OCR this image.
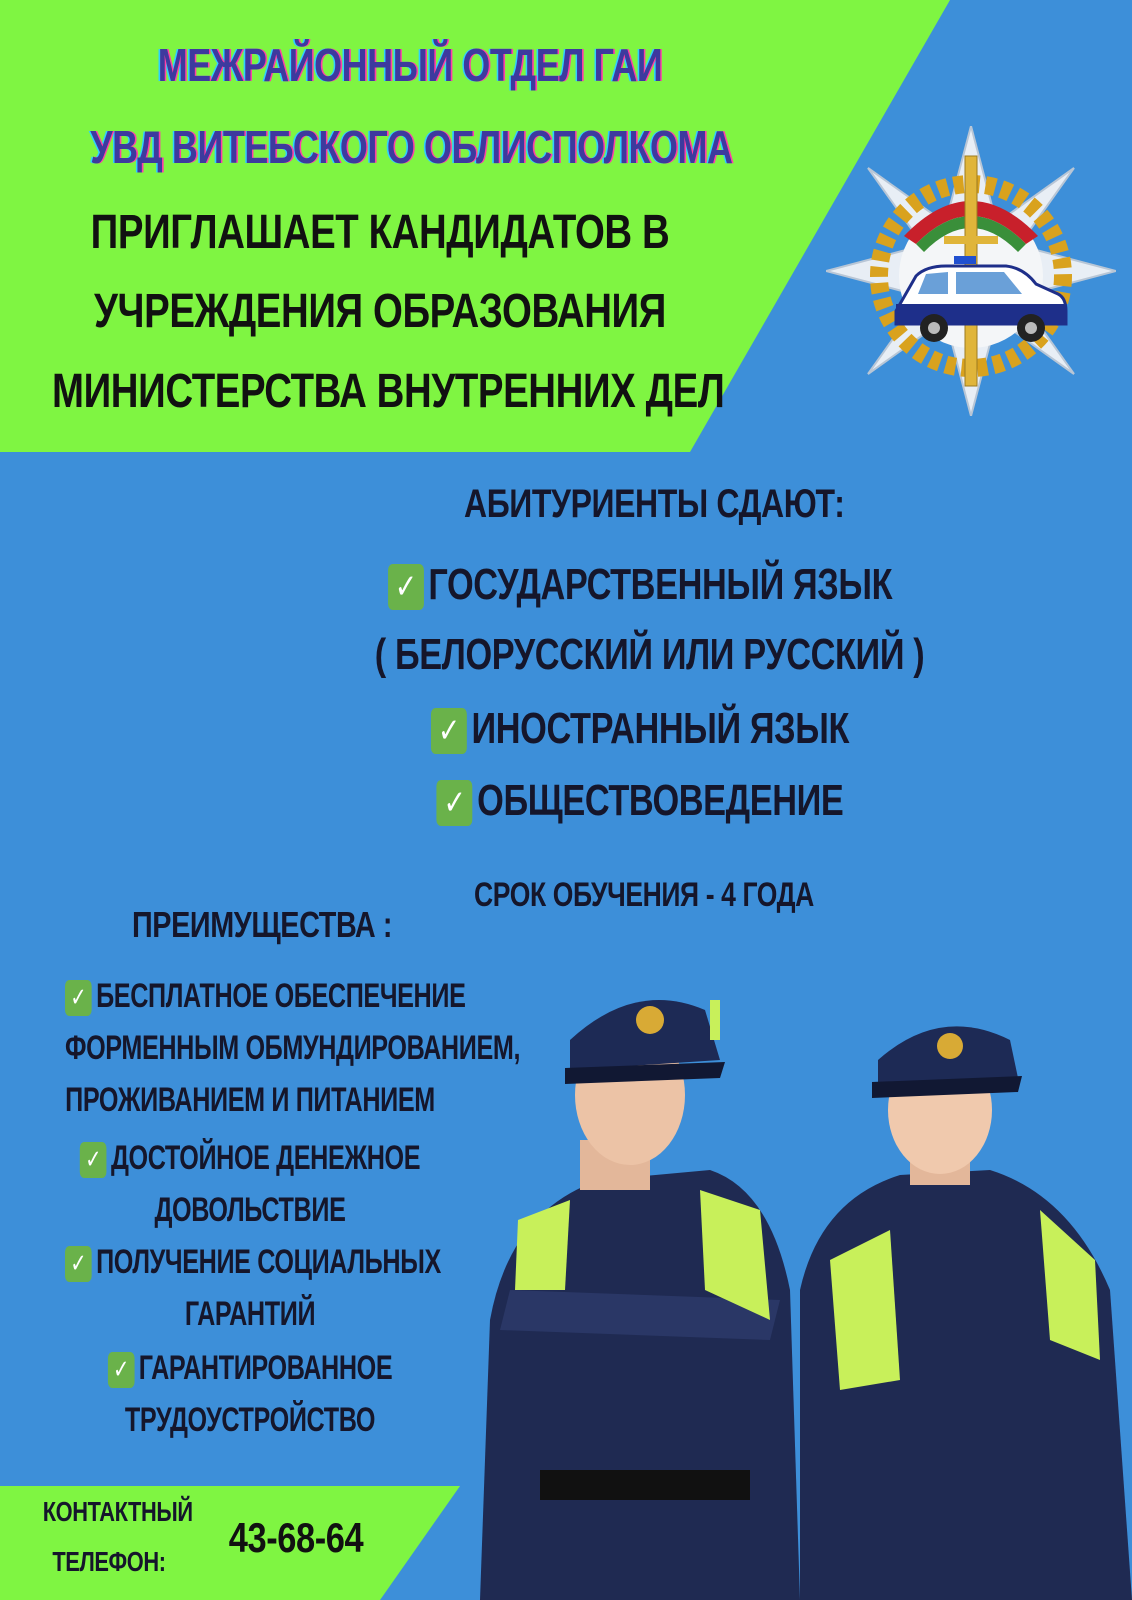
МЕЖРАЙОННЫЙ ОТДЕЛ ГАИ
УВД ВИТЕБСКОГО ОБЛИСПОЛКОМА
ПРИГЛАШАЕТ КАНДИДАТОВ В
УЧРЕЖДЕНИЯ ОБРАЗОВАНИЯ
МИНИСТЕРСТВА ВНУТРЕННИХ ДЕЛ
АБИТУРИЕНТЫ СДАЮТ:
✓ ГОСУДАРСТВЕННЫЙ ЯЗЫК
( БЕЛОРУССКИЙ ИЛИ РУССКИЙ )
✓ ИНОСТРАННЫЙ ЯЗЫК
✓ ОБЩЕСТВОВЕДЕНИЕ
СРОК ОБУЧЕНИЯ - 4 ГОДА
ПРЕИМУЩЕСТВА :
✓ БЕСПЛАТНОЕ ОБЕСПЕЧЕНИЕ
ФОРМЕННЫМ ОБМУНДИРОВАНИЕМ,
ПРОЖИВАНИЕМ И ПИТАНИЕМ
✓ ДОСТОЙНОЕ ДЕНЕЖНОЕ
ДОВОЛЬСТВИЕ
✓ ПОЛУЧЕНИЕ СОЦИАЛЬНЫХ
ГАРАНТИЙ
✓ ГАРАНТИРОВАННОЕ
ТРУДОУСТРОЙСТВО
КОНТАКТНЫЙ
ТЕЛЕФОН:
43-68-64
